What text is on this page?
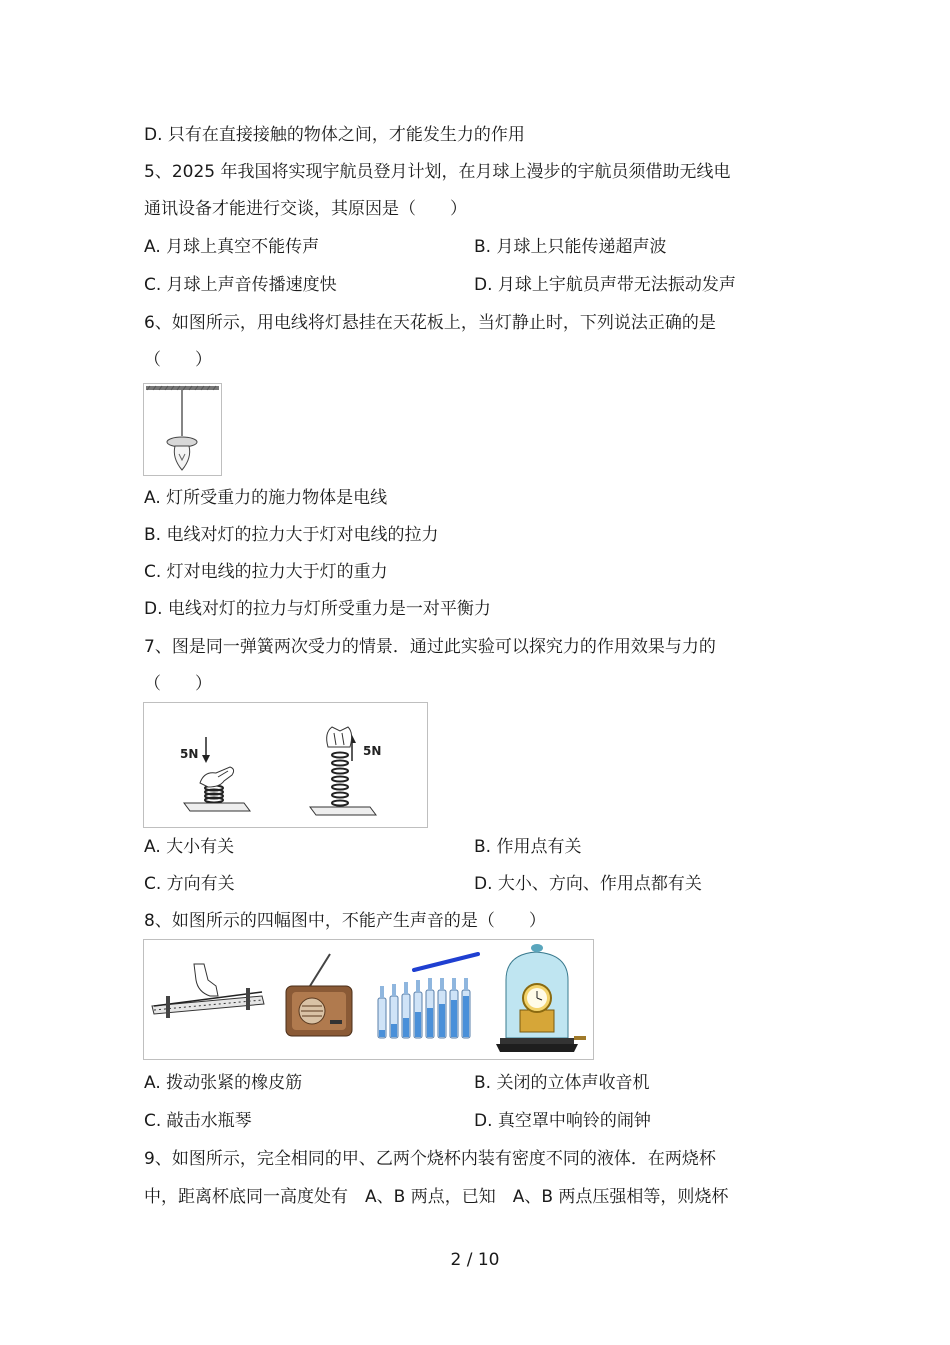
D. 只有在直接接触的物体之间，才能发生力的作用
5、2025 年我国将实现宇航员登月计划，在月球上漫步的宇航员须借助无线电
通讯设备才能进行交谈，其原因是（　　）
A. 月球上真空不能传声	B. 月球上只能传递超声波
C. 月球上声音传播速度快	D. 月球上宇航员声带无法振动发声
6、如图所示，用电线将灯悬挂在天花板上，当灯静止时，下列说法正确的是
（　　）
A. 灯所受重力的施力物体是电线
B. 电线对灯的拉力大于灯对电线的拉力
C. 灯对电线的拉力大于灯的重力
D. 电线对灯的拉力与灯所受重力是一对平衡力
7、图是同一弹簧两次受力的情景．通过此实验可以探究力的作用效果与力的
（　　）
5N	5N
A. 大小有关	B. 作用点有关
C. 方向有关	D. 大小、方向、作用点都有关
8、如图所示的四幅图中，不能产生声音的是（　　）
A. 拨动张紧的橡皮筋	B. 关闭的立体声收音机
C. 敲击水瓶琴	D. 真空罩中响铃的闹钟
9、如图所示，完全相同的甲、乙两个烧杯内装有密度不同的液体．在两烧杯
中，距离杯底同一高度处有　A、B 两点，已知　A、B 两点压强相等，则烧杯
2 / 10
